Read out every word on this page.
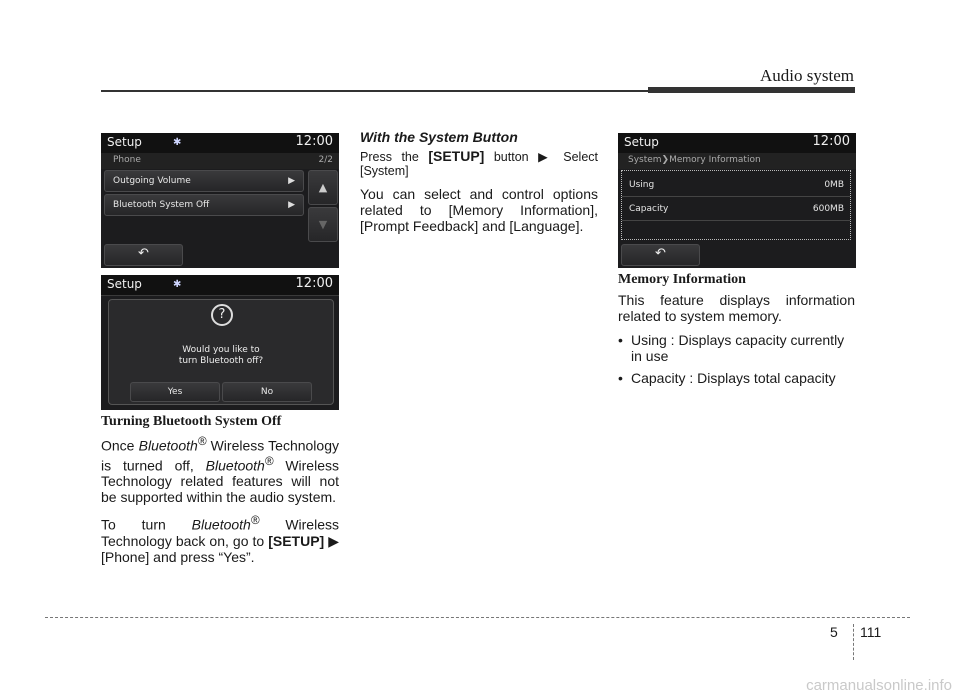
Audio system
Setup	✱	12:00
Phone	2/2
Outgoing Volume	▶
Bluetooth System Off	▶
▲
▼
↶
Setup	✱	12:00
?
Would you like to
turn Bluetooth off?
Yes	No
Turning Bluetooth System Off

Once Bluetooth® Wireless Technology is turned off, Bluetooth® Wireless Technology related features will not be supported within the audio system.

To turn Bluetooth® Wireless Technology back on, go to [SETUP] ▶ [Phone] and press “Yes”.

With the System Button

Press the [SETUP] button ▶ Select [System]

You can select and control options related to [Memory Information], [Prompt Feedback] and [Language].

Setup	12:00
System❯Memory Information
Using	0MB
Capacity	600MB
↶
Memory Information

This feature displays information related to system memory.

• Using : Displays capacity currently in use
• Capacity : Displays total capacity
5 111
carmanualsonline.info
